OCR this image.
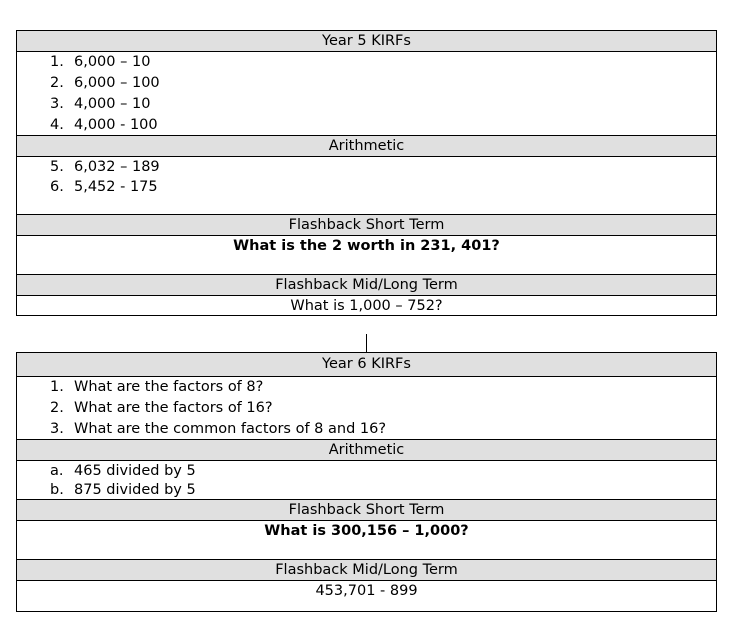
Year 5 KIRFs
1. 6,000 – 10
2. 6,000 – 100
3. 4,000 – 10
4. 4,000 - 100
Arithmetic
5. 6,032 – 189
6. 5,452 - 175
Flashback Short Term
What is the 2 worth in 231, 401?
Flashback Mid/Long Term
What is 1,000 – 752?
Year 6 KIRFs
1. What are the factors of 8?
2. What are the factors of 16?
3. What are the common factors of 8 and 16?
Arithmetic
a. 465 divided by 5
b. 875 divided by 5
Flashback Short Term
What is 300,156 – 1,000?
Flashback Mid/Long Term
453,701 - 899
